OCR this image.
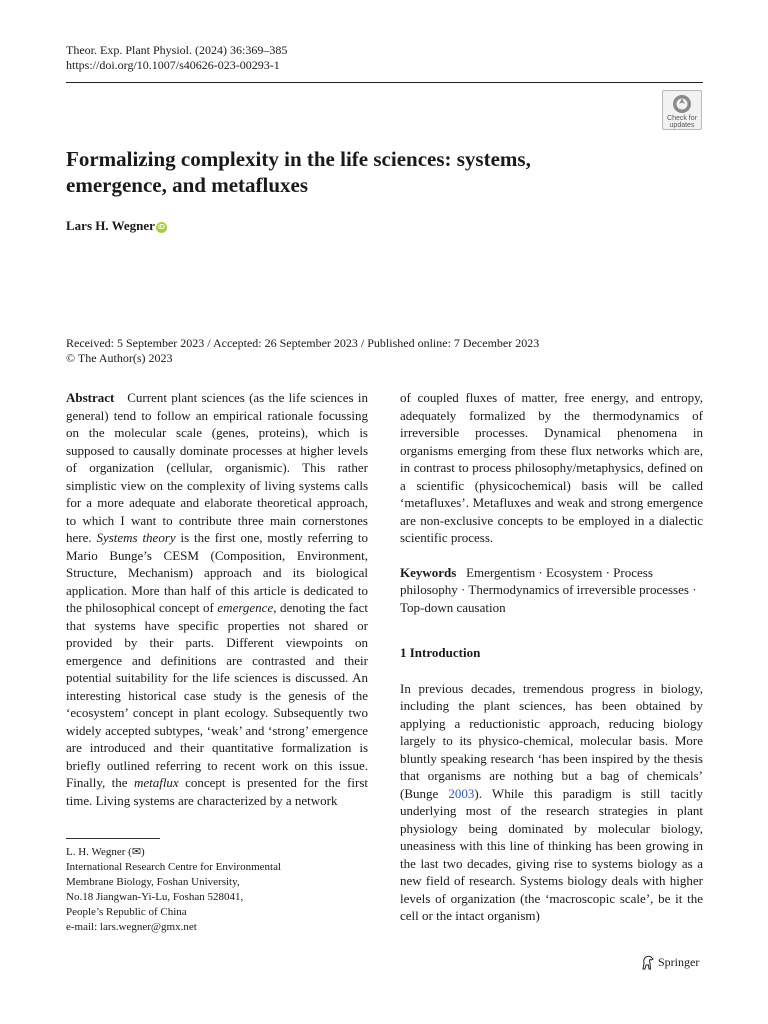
Theor. Exp. Plant Physiol. (2024) 36:369–385
https://doi.org/10.1007/s40626-023-00293-1
Check for
updates
Formalizing complexity in the life sciences: systems,
emergence, and metafluxes
Lars H. Wegner iD
Received: 5 September 2023 / Accepted: 26 September 2023 / Published online: 7 December 2023
© The Author(s) 2023

Abstract Current plant sciences (as the life sciences in general) tend to follow an empirical rationale focussing on the molecular scale (genes, proteins), which is supposed to causally dominate processes at higher levels of organization (cellular, organismic). This rather simplistic view on the complexity of living systems calls for a more adequate and elaborate theoretical approach, to which I want to contribute three main cornerstones here. Systems theory is the first one, mostly referring to Mario Bunge’s CESM (Composition, Environment, Structure, Mechanism) approach and its biological application. More than half of this article is dedicated to the philosophical concept of emergence, denoting the fact that systems have specific properties not shared or provided by their parts. Different viewpoints on emergence and definitions are contrasted and their potential suitability for the life sciences is discussed. An interesting historical case study is the genesis of the ‘ecosystem’ concept in plant ecology. Subsequently two widely accepted subtypes, ‘weak’ and ‘strong’ emergence are introduced and their quantitative formalization is briefly outlined referring to recent work on this issue. Finally, the metaflux concept is presented for the first time. Living systems are characterized by a network

of coupled fluxes of matter, free energy, and entropy, adequately formalized by the thermodynamics of irreversible processes. Dynamical phenomena in organisms emerging from these flux networks which are, in contrast to process philosophy/metaphysics, defined on a scientific (physicochemical) basis will be called ‘metafluxes’. Metafluxes and weak and strong emergence are non-exclusive concepts to be employed in a dialectic scientific process.

Keywords Emergentism · Ecosystem · Process philosophy · Thermodynamics of irreversible processes · Top-down causation

1 Introduction

In previous decades, tremendous progress in biology, including the plant sciences, has been obtained by applying a reductionistic approach, reducing biology largely to its physico-chemical, molecular basis. More bluntly speaking research ‘has been inspired by the thesis that organisms are nothing but a bag of chemicals’ (Bunge 2003). While this paradigm is still tacitly underlying most of the research strategies in plant physiology being dominated by molecular biology, uneasiness with this line of thinking has been growing in the last two decades, giving rise to systems biology as a new field of research. Systems biology deals with higher levels of organization (the ‘macroscopic scale’, be it the cell or the intact organism)

L. H. Wegner (✉)
International Research Centre for Environmental
Membrane Biology, Foshan University,
No.18 Jiangwan-Yi-Lu, Foshan 528041,
People’s Republic of China
e-mail: lars.wegner@gmx.net
Springer
